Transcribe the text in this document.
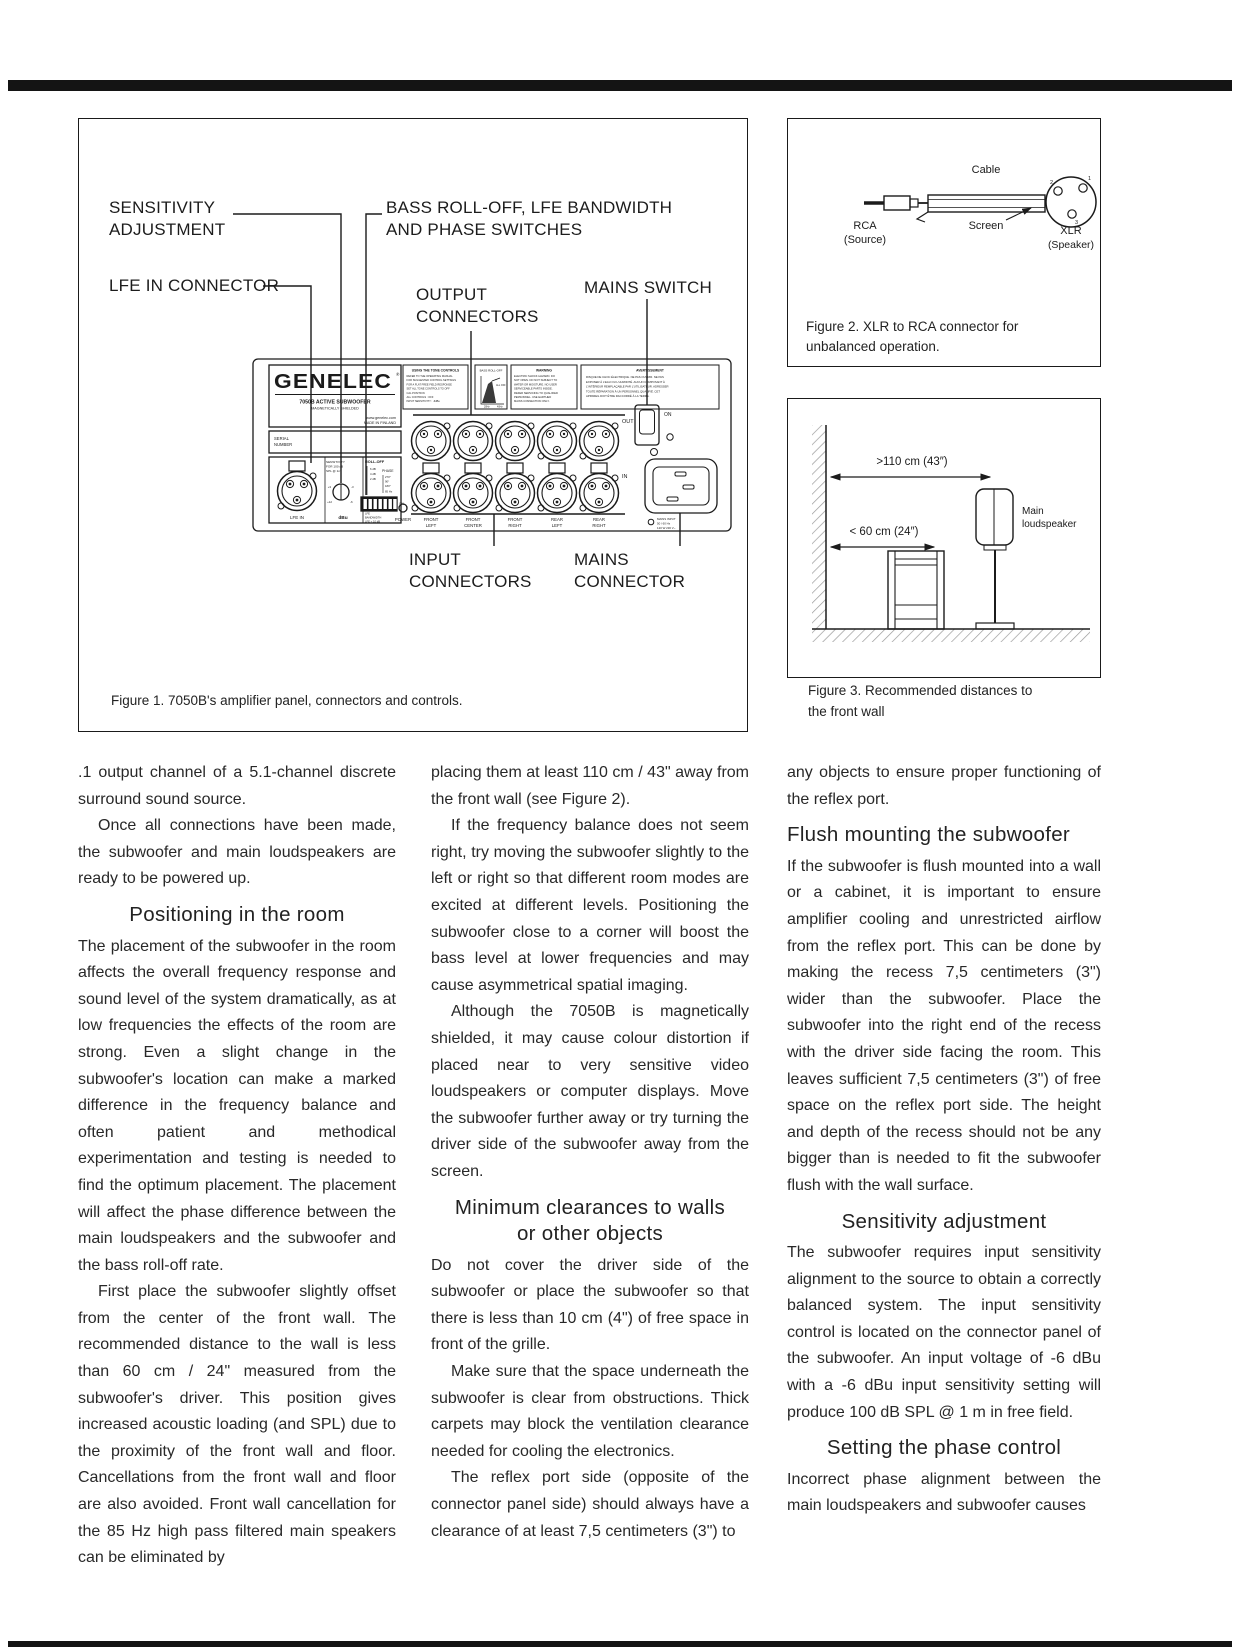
GENELEC ®
7050B ACTIVE SUBWOOFER
MAGNETICALLY SHIELDED
www.genelec.com
MADE IN FINLAND
SERIAL
NUMBER
LFE IN
SENSITIVITY
FOR 100 dB
SPL @ 1m
+3	-3
+12	-6
dBu
ROLL-OFF
6 dB
4 dB
2 dB
PHASE
270°
90°
180°
85 Hz
ON
120
LFE
BANDWIDTH
LFE + 10 dB	POWER
USING THE TONE CONTROLS
REFER TO THE OPERATING MANUAL
FOR SUGGESTED CONTROL SETTINGS
FOR A FLAT FREE FIELD RESPONSE
SET ALL TONE CONTROLS TO OFF
CAL POSITION
ALL CONTROLS : OFF
INPUT SENSITIVITY : -6dBu
BASS ROLL-OFF
ALL OFF
20Hz	40Hz
WARNING
ELECTRIC SHOCK HAZARD. DO
NOT OPEN. DO NOT SUBJECT TO
WATER OR MOISTURE. NO USER
SERVICEABLE PARTS INSIDE.
REFER SERVICING TO QUALIFIED
PERSONNEL. USE EARTHED
MAINS CONNECTION ONLY.
AVERTISSEMENT
RISQUE DE CHOC ÉLECTRIQUE. NE PAS OUVRIR. NE PAS
EXPOSER À L'EAU OU L'HUMIDITÉ. AUCUN COMPOSANT À
L'INTÉRIEUR REMPLAÇABLE PAR L'UTILISATEUR. ADRESSER
TOUTE RÉPARATION À UN PERSONNEL QUALIFIÉ. CET
APPAREIL DOIT ÊTRE RACCORDÉ À LA TERRE.
OUT
IN
FRONT
LEFT
FRONT
CENTER
FRONT
RIGHT
REAR
LEFT
REAR
RIGHT
ON
MAINS INPUT
50 / 60 Hz
120 W 230 V~
SENSITIVITY
ADJUSTMENT
BASS ROLL-OFF, LFE BANDWIDTH
AND PHASE SWITCHES
LFE IN CONNECTOR	OUTPUT
CONNECTORS
MAINS SWITCH
INPUT
CONNECTORS
MAINS
CONNECTOR
Figure 1. 7050B's amplifier panel, connectors and controls.
Cable
2
1
3
Screen
RCA
(Source)
XLR
(Speaker)
Figure 2. XLR to RCA connector for
unbalanced operation.
>110 cm (43″)
< 60 cm (24″)
Main
loudspeaker
Figure 3. Recommended distances to
the front wall

.1 output channel of a 5.1-channel discrete surround sound source.

Once all connections have been made, the subwoofer and main loudspeakers are ready to be powered up.

Positioning in the room

The placement of the subwoofer in the room affects the overall frequency response and sound level of the system dramatically, as at low frequencies the effects of the room are strong. Even a slight change in the subwoofer's location can make a marked difference in the frequency balance and often patient and methodical experimentation and testing is needed to find the optimum placement. The placement will affect the phase difference between the main loudspeakers and the subwoofer and the bass roll-off rate.

First place the subwoofer slightly offset from the center of the front wall. The recommended distance to the wall is less than 60 cm / 24" measured from the subwoofer's driver. This position gives increased acoustic loading (and SPL) due to the proximity of the front wall and floor. Cancellations from the front wall and floor are also avoided. Front wall cancellation for the 85 Hz high pass filtered main speakers can be eliminated by

placing them at least 110 cm / 43" away from the front wall (see Figure 2).

If the frequency balance does not seem right, try moving the subwoofer slightly to the left or right so that different room modes are excited at different levels. Positioning the subwoofer close to a corner will boost the bass level at lower frequencies and may cause asymmetrical spatial imaging.

Although the 7050B is magnetically shielded, it may cause colour distortion if placed near to very sensitive video loudspeakers or computer displays. Move the subwoofer further away or try turning the driver side of the subwoofer away from the screen.

Minimum clearances to walls
or other objects

Do not cover the driver side of the subwoofer or place the subwoofer so that there is less than 10 cm (4") of free space in front of the grille.

Make sure that the space underneath the subwoofer is clear from obstructions. Thick carpets may block the ventilation clearance needed for cooling the electronics.

The reflex port side (opposite of the connector panel side) should always have a clearance of at least 7,5 centimeters (3") to

any objects to ensure proper functioning of the reflex port.

Flush mounting the subwoofer

If the subwoofer is flush mounted into a wall or a cabinet, it is important to ensure amplifier cooling and unrestricted airflow from the reflex port. This can be done by making the recess 7,5 centimeters (3") wider than the subwoofer. Place the subwoofer into the right end of the recess with the driver side facing the room. This leaves sufficient 7,5 centimeters (3") of free space on the reflex port side. The height and depth of the recess should not be any bigger than is needed to fit the subwoofer flush with the wall surface.

Sensitivity adjustment

The subwoofer requires input sensitivity alignment to the source to obtain a correctly balanced system. The input sensitivity control is located on the connector panel of the subwoofer. An input voltage of -6 dBu with a -6 dBu input sensitivity setting will produce 100 dB SPL @ 1 m in free field.

Setting the phase control

Incorrect phase alignment between the main loudspeakers and subwoofer causes
